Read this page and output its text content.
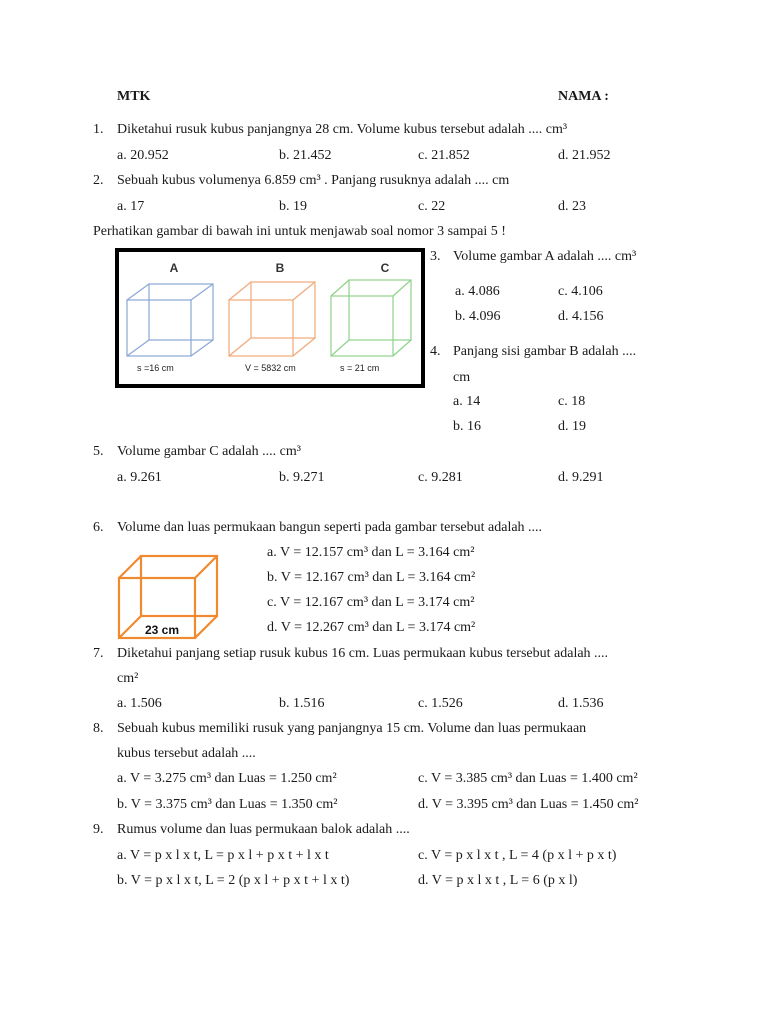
MTK	NAMA :
1. Diketahui rusuk kubus panjangnya 28 cm. Volume kubus tersebut adalah .... cm³
a. 20.952	b. 21.452	c. 21.852	d. 21.952
2. Sebuah kubus volumenya 6.859 cm³ . Panjang rusuknya adalah .... cm
a. 17	b. 19	c. 22	d. 23
Perhatikan gambar di bawah ini untuk menjawab soal nomor 3 sampai 5 !
A	B	C
s =16 cm	V = 5832 cm	s = 21 cm
3. Volume gambar A adalah .... cm³
a. 4.086	c. 4.106
b. 4.096	d. 4.156
4. Panjang sisi gambar B adalah ....
cm
a. 14	c. 18
b. 16	d. 19
5. Volume gambar C adalah .... cm³
a. 9.261	b. 9.271	c. 9.281	d. 9.291
6. Volume dan luas permukaan bangun seperti pada gambar tersebut adalah ....
23 cm
a. V = 12.157 cm³ dan L = 3.164 cm²
b. V = 12.167 cm³ dan L = 3.164 cm²
c. V = 12.167 cm³ dan L = 3.174 cm²
d. V = 12.267 cm³ dan L = 3.174 cm²
7. Diketahui panjang setiap rusuk kubus 16 cm. Luas permukaan kubus tersebut adalah ....
cm²
a. 1.506	b. 1.516	c. 1.526	d. 1.536
8. Sebuah kubus memiliki rusuk yang panjangnya 15 cm. Volume dan luas permukaan
kubus tersebut adalah ....
a. V = 3.275 cm³ dan Luas = 1.250 cm²	c. V = 3.385 cm³ dan Luas = 1.400 cm²
b. V = 3.375 cm³ dan Luas = 1.350 cm²	d. V = 3.395 cm³ dan Luas = 1.450 cm²
9. Rumus volume dan luas permukaan balok adalah ....
a. V = p x l x t, L = p x l + p x t + l x t	c. V = p x l x t , L = 4 (p x l + p x t)
b. V = p x l x t, L = 2 (p x l + p x t + l x t)	d. V = p x l x t , L = 6 (p x l)
